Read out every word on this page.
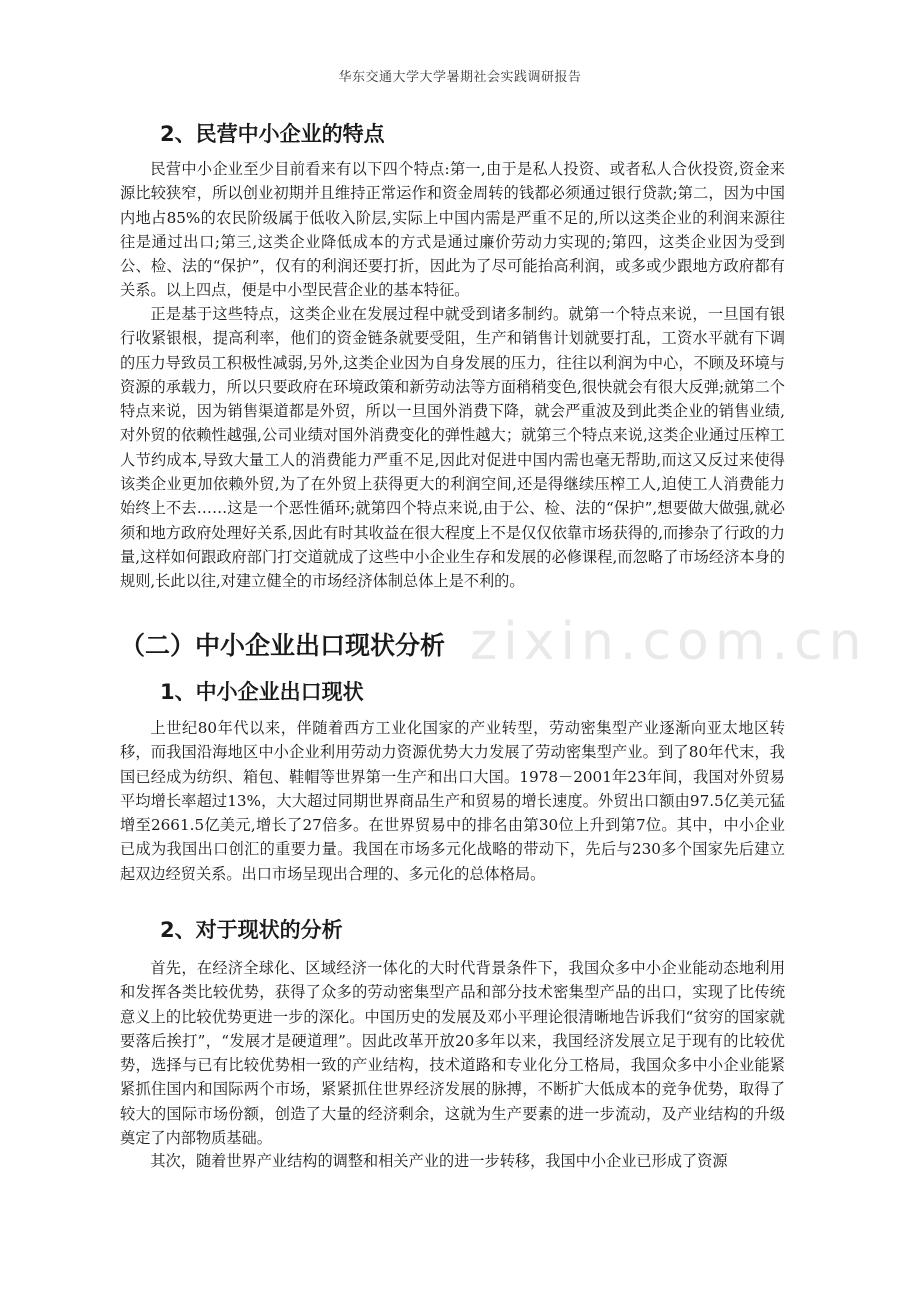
zixin.com.cn
华东交通大学大学暑期社会实践调研报告
2、民营中小企业的特点

民营中小企业至少目前看来有以下四个特点:第一,由于是私人投资、或者私人合伙投资,资金来源比较狭窄，所以创业初期并且维持正常运作和资金周转的钱都必须通过银行贷款;第二，因为中国内地占85%的农民阶级属于低收入阶层,实际上中国内需是严重不足的,所以这类企业的利润来源往往是通过出口;第三,这类企业降低成本的方式是通过廉价劳动力实现的;第四，这类企业因为受到公、检、法的“保护”，仅有的利润还要打折，因此为了尽可能抬高利润，或多或少跟地方政府都有关系。以上四点，便是中小型民营企业的基本特征。

正是基于这些特点，这类企业在发展过程中就受到诸多制约。就第一个特点来说，一旦国有银行收紧银根，提高利率，他们的资金链条就要受阻，生产和销售计划就要打乱，工资水平就有下调的压力导致员工积极性减弱,另外,这类企业因为自身发展的压力，往往以利润为中心，不顾及环境与资源的承载力，所以只要政府在环境政策和新劳动法等方面稍稍变色,很快就会有很大反弹;就第二个特点来说，因为销售渠道都是外贸，所以一旦国外消费下降，就会严重波及到此类企业的销售业绩,对外贸的依赖性越强,公司业绩对国外消费变化的弹性越大；就第三个特点来说,这类企业通过压榨工人节约成本,导致大量工人的消费能力严重不足,因此对促进中国内需也毫无帮助,而这又反过来使得该类企业更加依赖外贸,为了在外贸上获得更大的利润空间,还是得继续压榨工人,迫使工人消费能力始终上不去……这是一个恶性循环;就第四个特点来说,由于公、检、法的“保护”,想要做大做强,就必须和地方政府处理好关系,因此有时其收益在很大程度上不是仅仅依靠市场获得的,而掺杂了行政的力量,这样如何跟政府部门打交道就成了这些中小企业生存和发展的必修课程,而忽略了市场经济本身的规则,长此以往,对建立健全的市场经济体制总体上是不利的。

（二）中小企业出口现状分析
1、中小企业出口现状

上世纪80年代以来，伴随着西方工业化国家的产业转型，劳动密集型产业逐渐向亚太地区转移，而我国沿海地区中小企业利用劳动力资源优势大力发展了劳动密集型产业。到了80年代末，我国已经成为纺织、箱包、鞋帽等世界第一生产和出口大国。1978－2001年23年间，我国对外贸易平均增长率超过13%，大大超过同期世界商品生产和贸易的增长速度。外贸出口额由97.5亿美元猛增至2661.5亿美元,增长了27倍多。在世界贸易中的排名由第30位上升到第7位。其中，中小企业已成为我国出口创汇的重要力量。我国在市场多元化战略的带动下，先后与230多个国家先后建立起双边经贸关系。出口市场呈现出合理的、多元化的总体格局。

2、对于现状的分析

首先，在经济全球化、区域经济一体化的大时代背景条件下，我国众多中小企业能动态地利用和发挥各类比较优势，获得了众多的劳动密集型产品和部分技术密集型产品的出口，实现了比传统意义上的比较优势更进一步的深化。中国历史的发展及邓小平理论很清晰地告诉我们“贫穷的国家就要落后挨打”，“发展才是硬道理”。因此改革开放20多年以来，我国经济发展立足于现有的比较优势，选择与已有比较优势相一致的产业结构，技术道路和专业化分工格局，我国众多中小企业能紧紧抓住国内和国际两个市场，紧紧抓住世界经济发展的脉搏，不断扩大低成本的竞争优势，取得了较大的国际市场份额，创造了大量的经济剩余，这就为生产要素的进一步流动，及产业结构的升级奠定了内部物质基础。

其次，随着世界产业结构的调整和相关产业的进一步转移，我国中小企业已形成了资源
